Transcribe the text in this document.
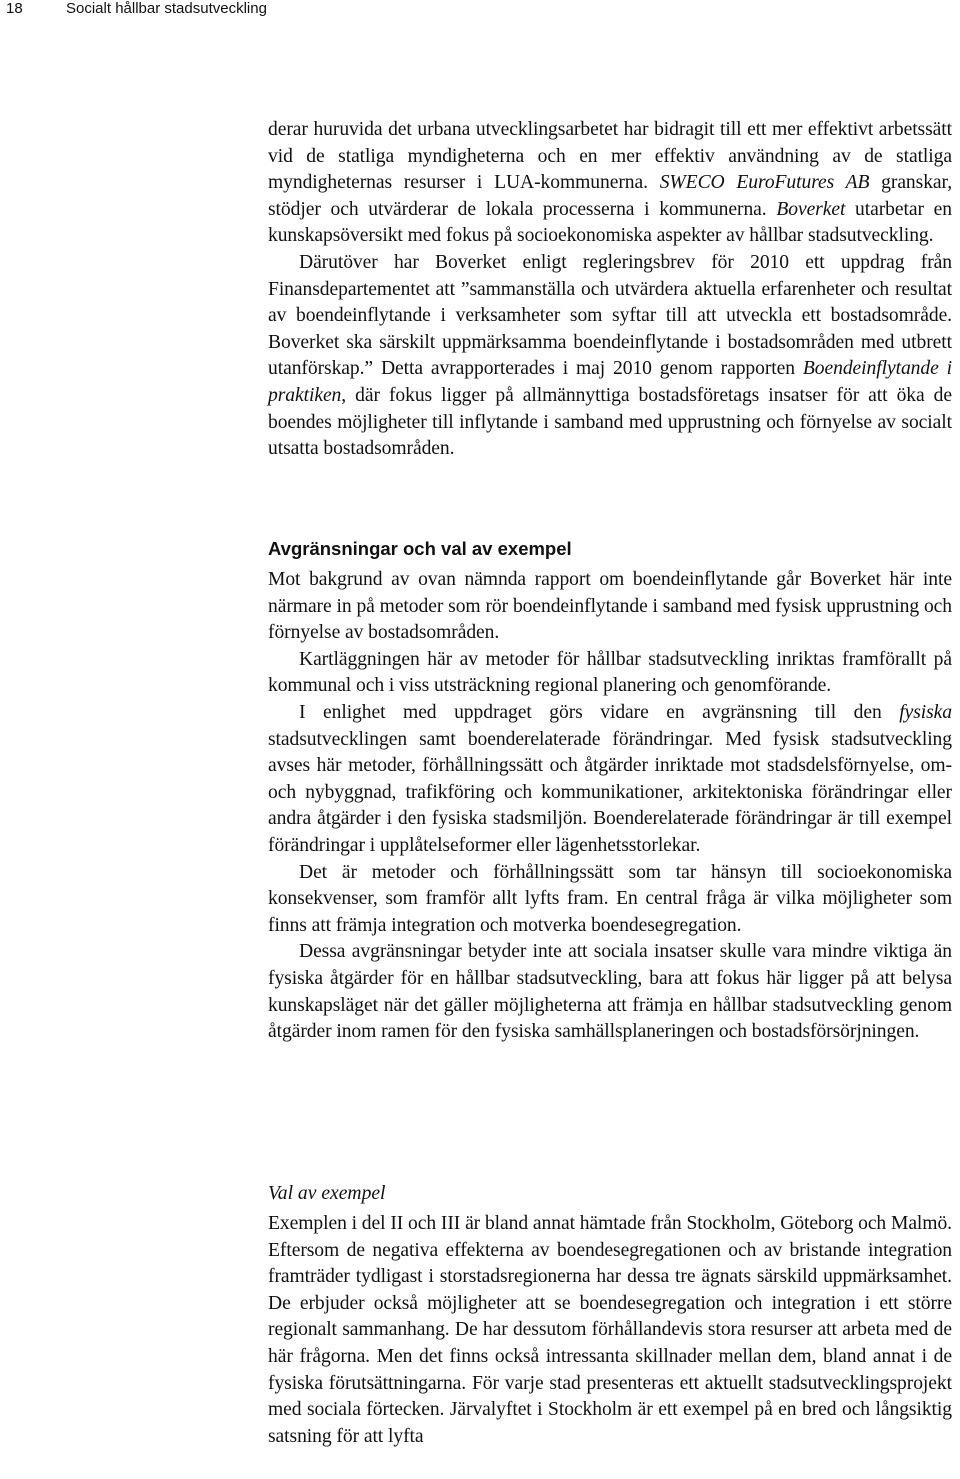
18	Socialt hållbar stadsutveckling

derar huruvida det urbana utvecklingsarbetet har bidragit till ett mer effektivt arbetssätt vid de statliga myndigheterna och en mer effektiv användning av de statliga myndigheternas resurser i LUA-kommunerna. SWECO EuroFutures AB granskar, stödjer och utvärderar de lokala processerna i kommunerna. Boverket utarbetar en kunskapsöversikt med fokus på socioekonomiska aspekter av hållbar stadsutveckling.

Därutöver har Boverket enligt regleringsbrev för 2010 ett uppdrag från Finansdepartementet att ”sammanställa och utvärdera aktuella erfarenheter och resultat av boendeinflytande i verksamheter som syftar till att utveckla ett bostadsområde. Boverket ska särskilt uppmärksamma boendeinflytande i bostadsområden med utbrett utanförskap.” Detta avrapporterades i maj 2010 genom rapporten Boendeinflytande i praktiken, där fokus ligger på allmännyttiga bostadsföretags insatser för att öka de boendes möjligheter till inflytande i samband med upprustning och förnyelse av socialt utsatta bostadsområden.

Avgränsningar och val av exempel

Mot bakgrund av ovan nämnda rapport om boendeinflytande går Boverket här inte närmare in på metoder som rör boendeinflytande i samband med fysisk upprustning och förnyelse av bostadsområden.

Kartläggningen här av metoder för hållbar stadsutveckling inriktas framförallt på kommunal och i viss utsträckning regional planering och genomförande.

I enlighet med uppdraget görs vidare en avgränsning till den fysiska stadsutvecklingen samt boenderelaterade förändringar. Med fysisk stadsutveckling avses här metoder, förhållningssätt och åtgärder inriktade mot stadsdelsförnyelse, om- och nybyggnad, trafikföring och kommunikationer, arkitektoniska förändringar eller andra åtgärder i den fysiska stadsmiljön. Boenderelaterade förändringar är till exempel förändringar i upplåtelseformer eller lägenhetsstorlekar.

Det är metoder och förhållningssätt som tar hänsyn till socioekonomiska konsekvenser, som framför allt lyfts fram. En central fråga är vilka möjligheter som finns att främja integration och motverka boendesegregation.

Dessa avgränsningar betyder inte att sociala insatser skulle vara mindre viktiga än fysiska åtgärder för en hållbar stadsutveckling, bara att fokus här ligger på att belysa kunskapsläget när det gäller möjligheterna att främja en hållbar stadsutveckling genom åtgärder inom ramen för den fysiska samhällsplaneringen och bostadsförsörjningen.

Val av exempel

Exemplen i del II och III är bland annat hämtade från Stockholm, Göteborg och Malmö. Eftersom de negativa effekterna av boendesegregationen och av bristande integration framträder tydligast i storstadsregionerna har dessa tre ägnats särskild uppmärksamhet. De erbjuder också möjligheter att se boendesegregation och integration i ett större regionalt sammanhang. De har dessutom förhållandevis stora resurser att arbeta med de här frågorna. Men det finns också intressanta skillnader mellan dem, bland annat i de fysiska förutsättningarna. För varje stad presenteras ett aktuellt stadsutvecklingsprojekt med sociala förtecken. Järvalyftet i Stockholm är ett exempel på en bred och långsiktig satsning för att lyfta
